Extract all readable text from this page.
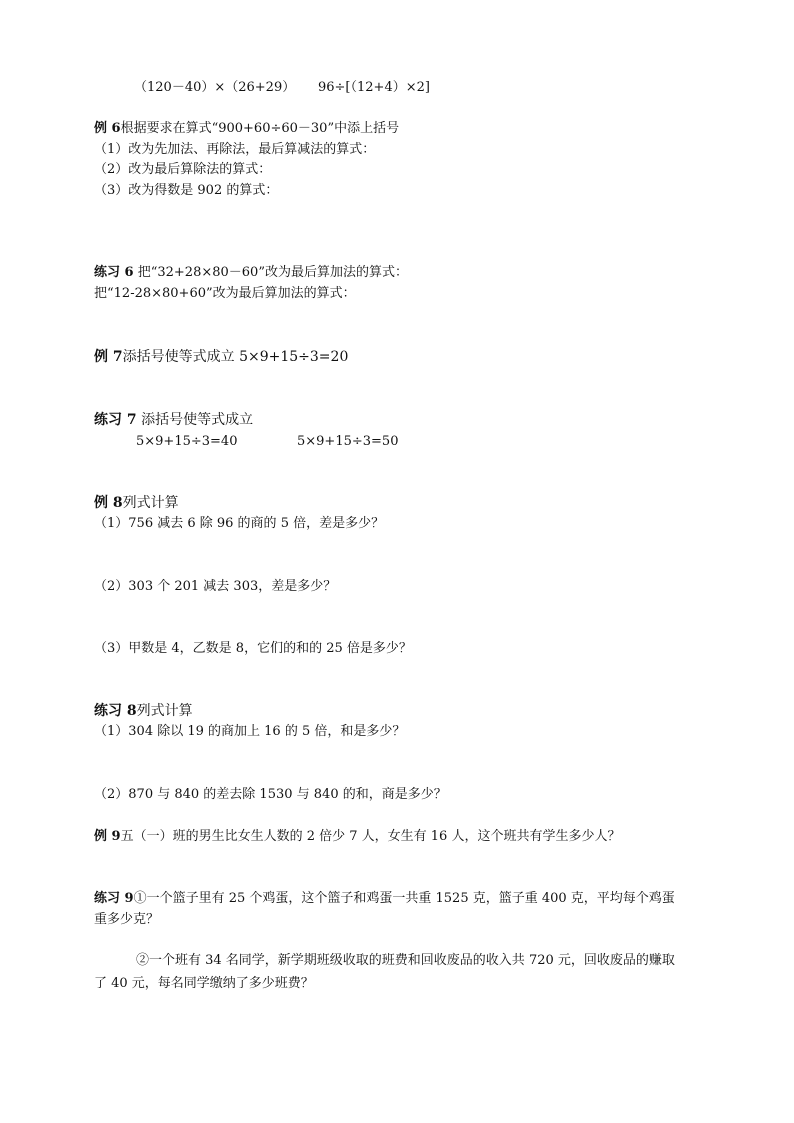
（120－40）×（26+29） 96÷[（12+4）×2]
例 6根据要求在算式“900+60÷60－30”中添上括号
（1）改为先加法、再除法，最后算减法的算式：
（2）改为最后算除法的算式：
（3）改为得数是 902 的算式：
练习 6 把“32+28×80－60”改为最后算加法的算式：
把“12-28×80+60”改为最后算加法的算式：
例 7添括号使等式成立 5×9+15÷3=20
练习 7 添括号使等式成立
5×9+15÷3=40	5×9+15÷3=50
例 8列式计算
（1）756 减去 6 除 96 的商的 5 倍，差是多少？
（2）303 个 201 减去 303，差是多少？
（3）甲数是 4，乙数是 8，它们的和的 25 倍是多少？
练习 8列式计算
（1）304 除以 19 的商加上 16 的 5 倍，和是多少？
（2）870 与 840 的差去除 1530 与 840 的和，商是多少？
例 9五（一）班的男生比女生人数的 2 倍少 7 人，女生有 16 人，这个班共有学生多少人？
练习 9①一个篮子里有 25 个鸡蛋，这个篮子和鸡蛋一共重 1525 克，篮子重 400 克，平均每个鸡蛋
重多少克？
②一个班有 34 名同学，新学期班级收取的班费和回收废品的收入共 720 元，回收废品的赚取
了 40 元，每名同学缴纳了多少班费？
